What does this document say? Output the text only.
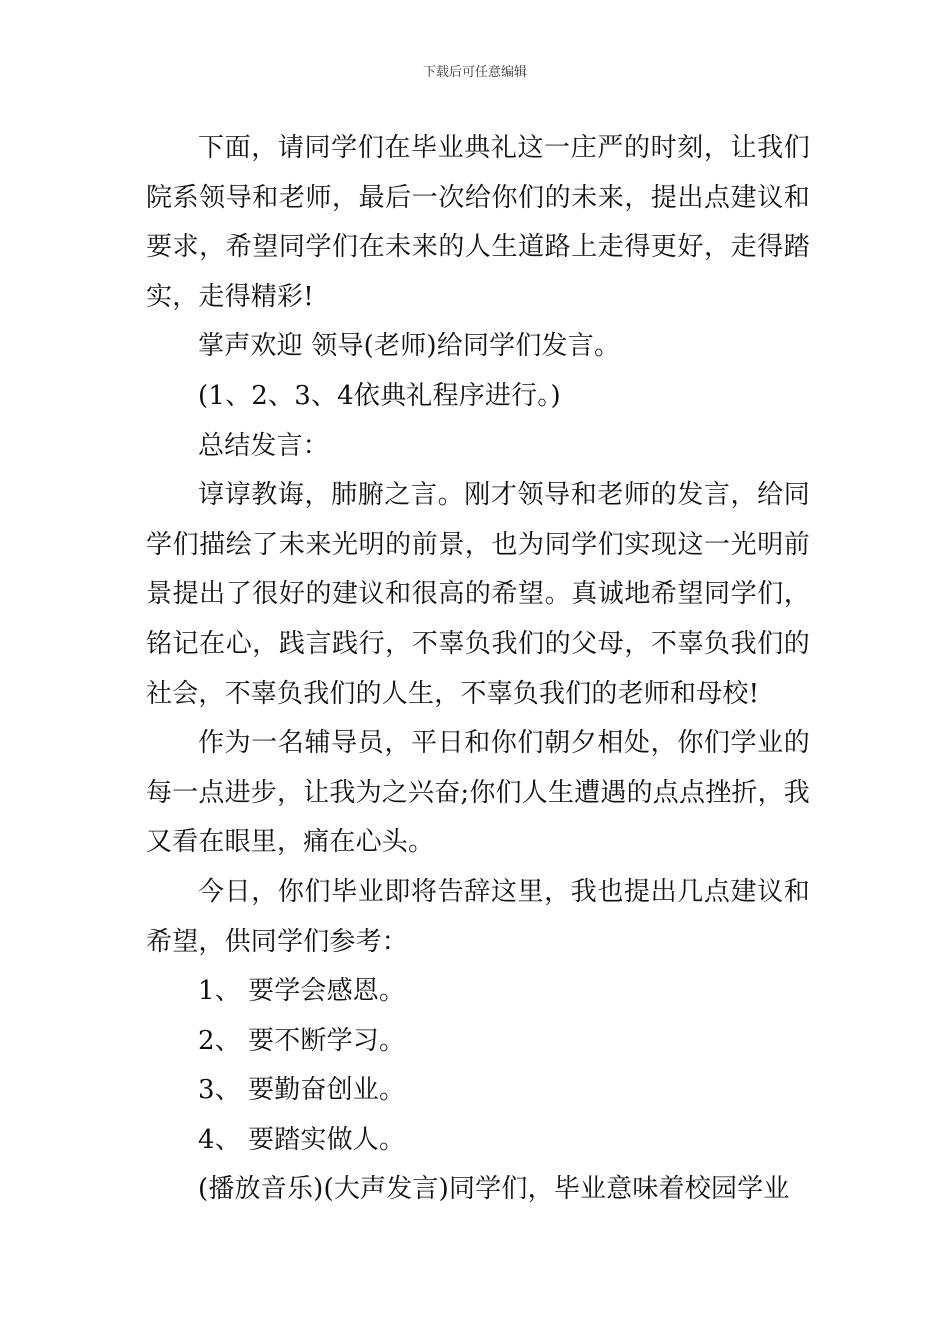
下载后可任意编辑

下面，请同学们在毕业典礼这一庄严的时刻，让我们院系领导和老师，最后一次给你们的未来，提出点建议和要求，希望同学们在未来的人生道路上走得更好，走得踏实，走得精彩!

掌声欢迎 领导(老师)给同学们发言。

(1、2、3、4依典礼程序进行。)

总结发言：

谆谆教诲，肺腑之言。刚才领导和老师的发言，给同学们描绘了未来光明的前景，也为同学们实现这一光明前景提出了很好的建议和很高的希望。真诚地希望同学们，铭记在心，践言践行，不辜负我们的父母，不辜负我们的社会，不辜负我们的人生，不辜负我们的老师和母校!

作为一名辅导员，平日和你们朝夕相处，你们学业的每一点进步，让我为之兴奋;你们人生遭遇的点点挫折，我又看在眼里，痛在心头。

今日，你们毕业即将告辞这里，我也提出几点建议和希望，供同学们参考：

1、 要学会感恩。

2、 要不断学习。

3、 要勤奋创业。

4、 要踏实做人。

(播放音乐)(大声发言)同学们，毕业意味着校园学业
